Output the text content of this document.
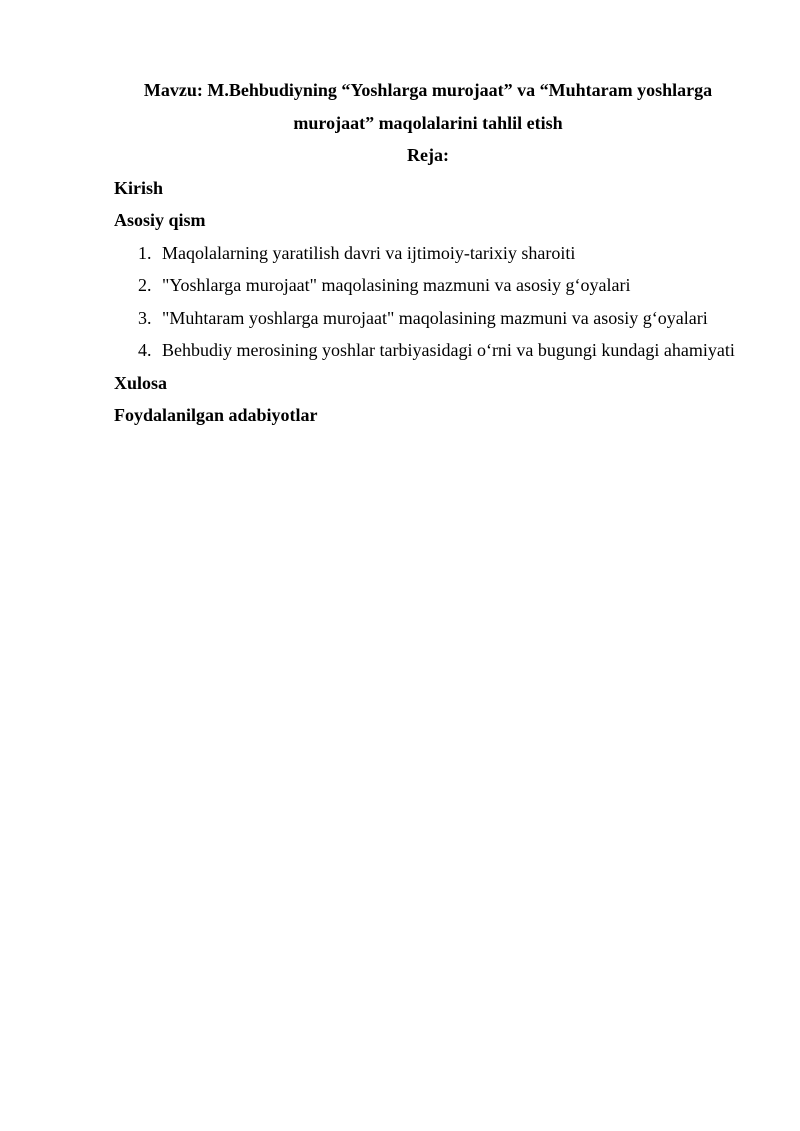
Mavzu: M.Behbudiyning “Yoshlarga murojaat” va “Muhtaram yoshlarga murojaat” maqolalarini tahlil etish

Reja:

Kirish

Asosiy qism

1. Maqolalarning yaratilish davri va ijtimoiy-tarixiy sharoiti
2. "Yoshlarga murojaat" maqolasining mazmuni va asosiy g‘oyalari
3. "Muhtaram yoshlarga murojaat" maqolasining mazmuni va asosiy g‘oyalari
4. Behbudiy merosining yoshlar tarbiyasidagi o‘rni va bugungi kundagi ahamiyati

Xulosa

Foydalanilgan adabiyotlar
